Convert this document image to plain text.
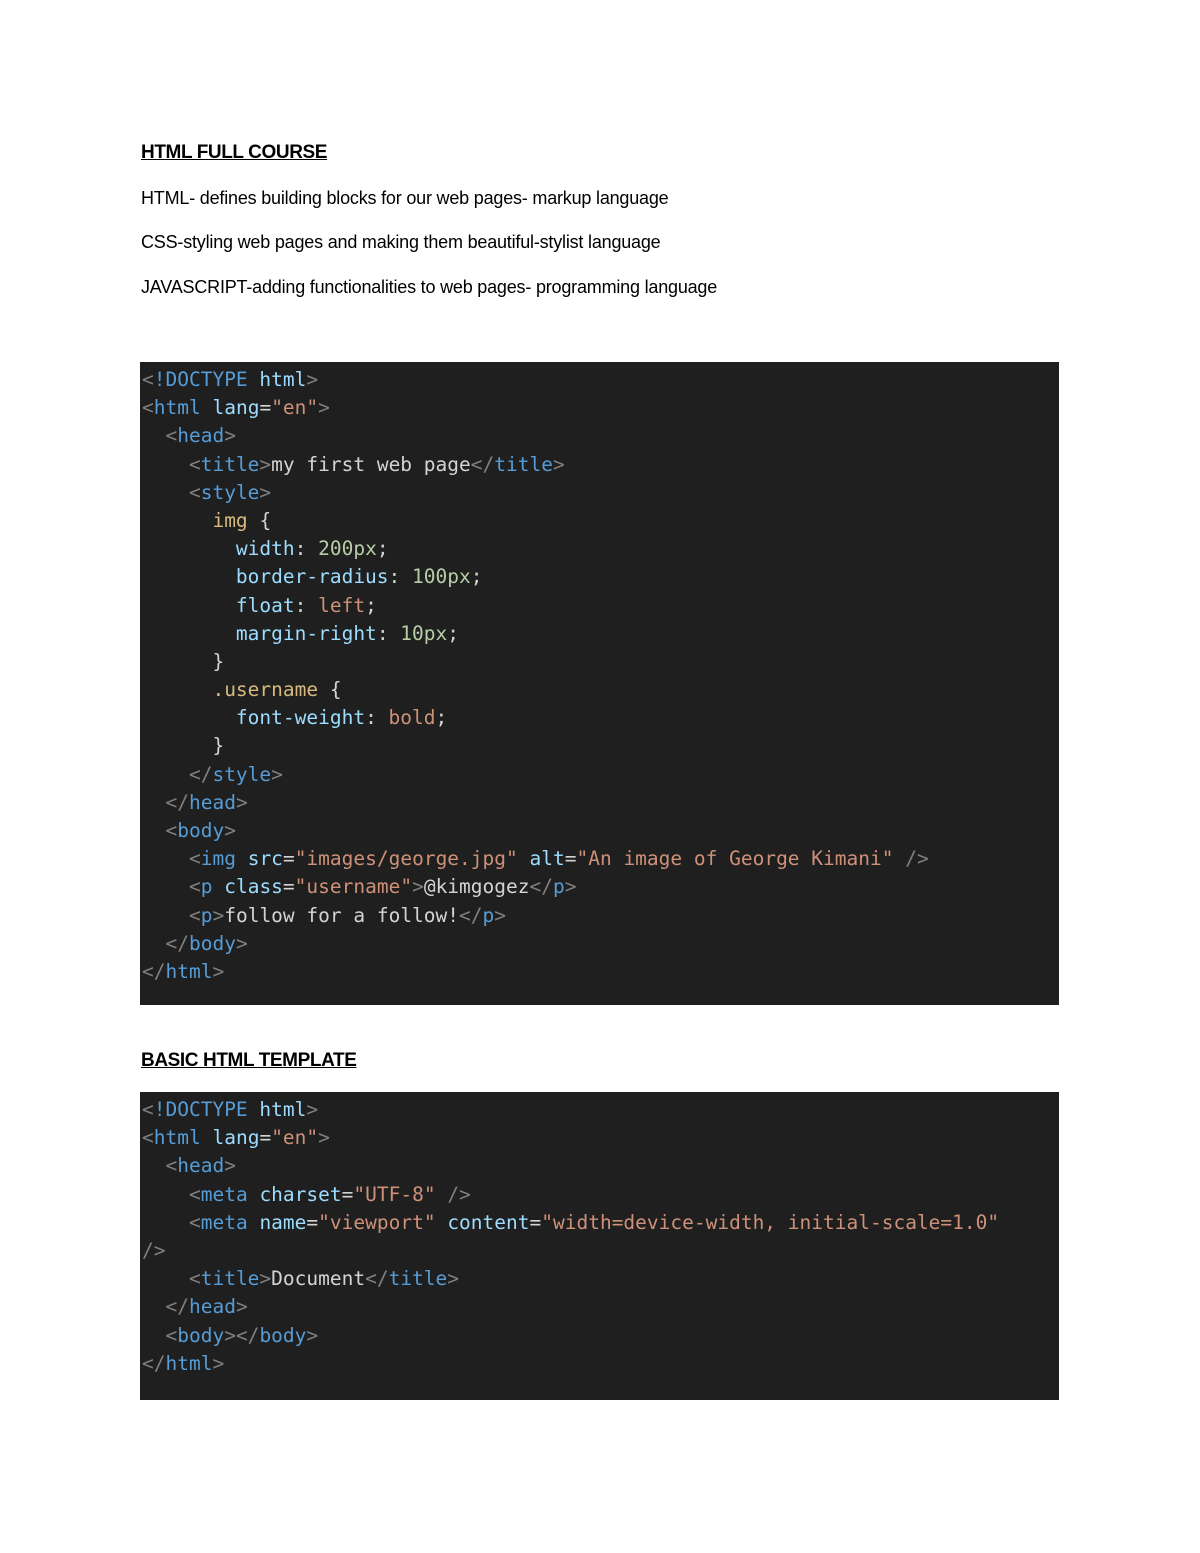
HTML FULL COURSE
HTML- defines building blocks for our web pages- markup language
CSS-styling web pages and making them beautiful-stylist language
JAVASCRIPT-adding functionalities to web pages- programming language
<!DOCTYPE html>
<html lang="en">
<head>
<title>my first web page</title>
<style>
img {
width: 200px;
border-radius: 100px;
float: left;
margin-right: 10px;
}
.username {
font-weight: bold;
}
</style>
</head>
<body>
<img src="images/george.jpg" alt="An image of George Kimani" />
<p class="username">@kimgogez</p>
<p>follow for a follow!</p>
</body>
</html>
BASIC HTML TEMPLATE
<!DOCTYPE html>
<html lang="en">
<head>
<meta charset="UTF-8" />
<meta name="viewport" content="width=device-width, initial-scale=1.0"
/>
<title>Document</title>
</head>
<body></body>
</html>
